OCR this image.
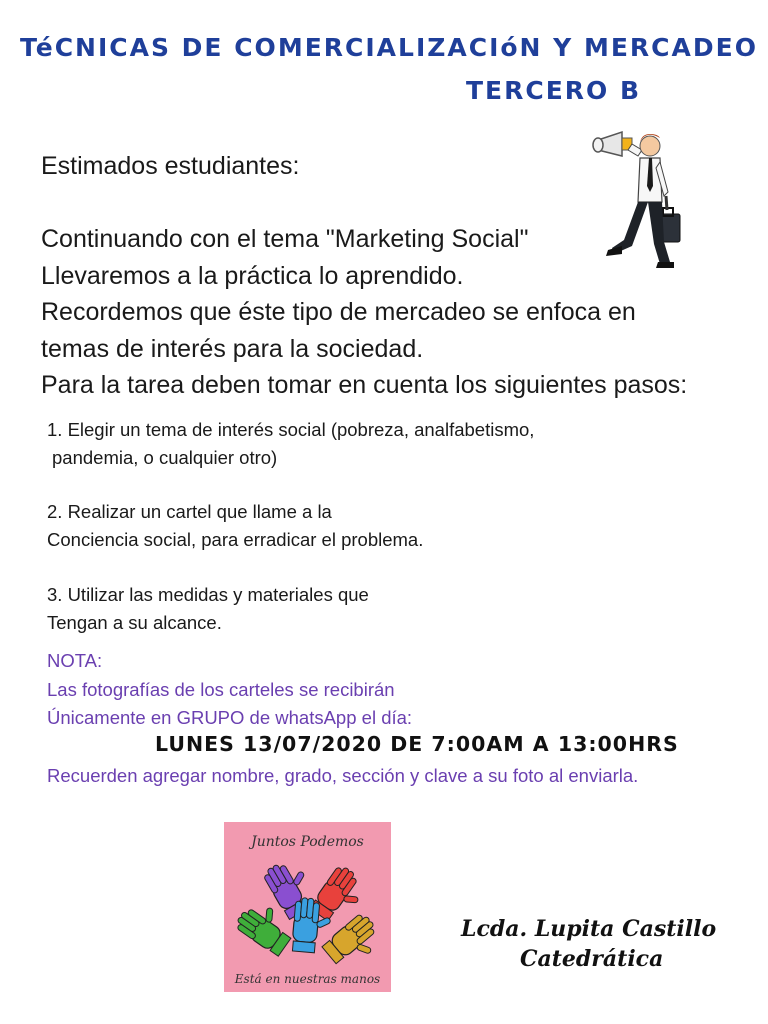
TéCNICAS DE COMERCIALIZACIóN Y MERCADEO
TERCERO B

Estimados estudiantes:

Continuando con el tema "Marketing Social"
Llevaremos a la práctica lo aprendido.
Recordemos que éste tipo de mercadeo se enfoca en
temas de interés para la sociedad.
Para la tarea deben tomar en cuenta los siguientes pasos:
1. Elegir un tema de interés social (pobreza, analfabetismo,
pandemia, o cualquier otro)
2. Realizar un cartel que llame a la
Conciencia social, para erradicar el problema.
3. Utilizar las medidas y materiales que
Tengan a su alcance.
NOTA:
Las fotografías de los carteles se recibirán
Únicamente en GRUPO de whatsApp el día:
LUNES 13/07/2020 DE 7:00AM A 13:00HRS
Recuerden agregar nombre, grado, sección y clave a su foto al enviarla.
Juntos Podemos
Está en nuestras manos
Lcda. Lupita Castillo
Catedrática
